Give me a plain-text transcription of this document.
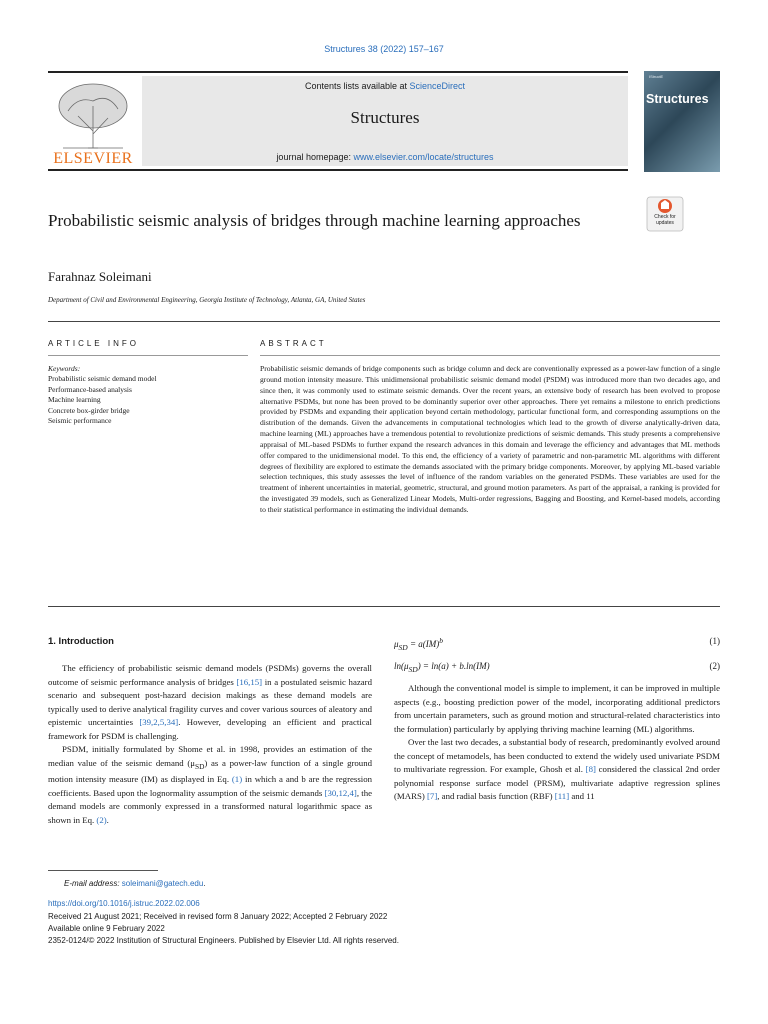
Structures 38 (2022) 157–167
ELSEVIER
Contents lists available at ScienceDirect
Structures
journal homepage: www.elsevier.com/locate/structures
IStructE
Structures
Check for updates
Probabilistic seismic analysis of bridges through machine learning approaches
Farahnaz Soleimani
Department of Civil and Environmental Engineering, Georgia Institute of Technology, Atlanta, GA, United States
ARTICLE INFO
Keywords:
Probabilistic seismic demand model
Performance-based analysis
Machine learning
Concrete box-girder bridge
Seismic performance
ABSTRACT
Probabilistic seismic demands of bridge components such as bridge column and deck are conventionally expressed as a power-law function of a single ground motion intensity measure. This unidimensional probabilistic seismic demand model (PSDM) was introduced more than two decades ago, and since then, it was commonly used to estimate seismic demands. Over the recent years, an extensive body of research has been evolved to propose alternative PSDMs, but none has been proved to be dominantly superior over other approaches. There yet remains a milestone to enrich predictions provided by PSDMs and expanding their application beyond certain methodology, particular functional form, and corresponding assumptions on the distribution of the demands. Given the advancements in computational technologies which lead to the growth of diverse analytically-driven data, machine learning (ML) approaches have a tremendous potential to revolutionize predictions of seismic demands. This study presents a comprehensive appraisal of ML-based PSDMs to further expand the research advances in this domain and leverage the efficiency and advantages that ML methods offer compared to the unidimensional model. To this end, the efficiency of a variety of parametric and non-parametric ML algorithms with different degrees of flexibility are explored to estimate the demands associated with the primary bridge components. Moreover, by applying ML-based variable selection techniques, this study assesses the level of influence of the random variables on the generated PSDMs. These variables are used for the treatment of inherent uncertainties in material, geometric, structural, and ground motion parameters. As part of the appraisal, a ranking is provided for the investigated 39 models, such as Generalized Linear Models, Multi-order regressions, Bagging and Boosting, and Kernel-based models, according to their statistical performance in estimating the individual demands.
1. Introduction

The efficiency of probabilistic seismic demand models (PSDMs) governs the overall outcome of seismic performance analysis of bridges [16,15] in a postulated seismic hazard scenario and subsequent post-hazard decision makings as these demand models are typically used to derive analytical fragility curves and cover various sources of aleatory and epistemic uncertainties [39,2,5,34]. However, developing an efficient and practical framework for PSDM is challenging.

PSDM, initially formulated by Shome et al. in 1998, provides an estimation of the median value of the seismic demand $(\mu_{SD})$ as a power-law function of a single ground motion intensity measure (IM) as displayed in Eq. (1) in which a and b are the regression coefficients. Based upon the lognormality assumption of the seismic demands [30,12,4], the demand models are commonly expressed in a transformed natural logarithmic space as shown in Eq. (2).

$\mu_{SD} = a(IM)^b$	(1)
$\ln(\mu_{SD}) = \ln(a) + b.\ln(IM)$	(2)

Although the conventional model is simple to implement, it can be improved in multiple aspects (e.g., boosting prediction power of the model, incorporating additional predictors from uncertain parameters, such as ground motion and structural-related characteristics into the formulation) particularly by applying thriving machine learning (ML) algorithms.

Over the last two decades, a substantial body of research, predominantly evolved around the concept of metamodels, has been conducted to extend the widely used univariate PSDM to multivariate regression. For example, Ghosh et al. [8] considered the classical 2nd order polynomial response surface model (PRSM), multivariate adaptive regression splines (MARS) [7], and radial basis function (RBF) [11] and 11

E-mail address: soleimani@gatech.edu.
https://doi.org/10.1016/j.istruc.2022.02.006
Received 21 August 2021; Received in revised form 8 January 2022; Accepted 2 February 2022
Available online 9 February 2022
2352-0124/© 2022 Institution of Structural Engineers. Published by Elsevier Ltd. All rights reserved.
